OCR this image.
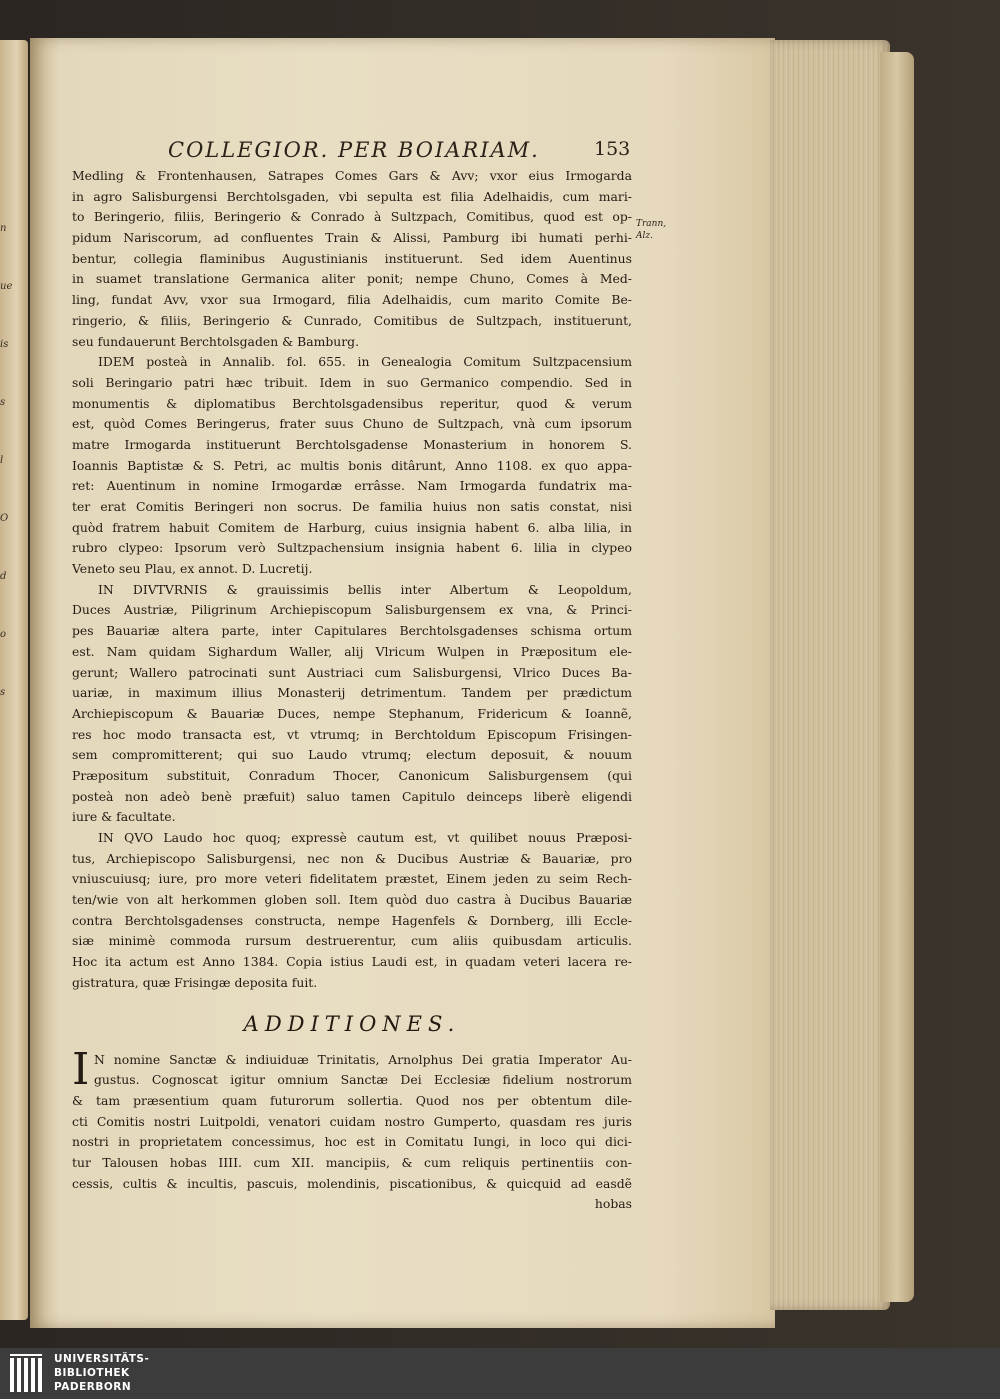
n
ue
is
s
l
O
d
o
s
COLLEGIOR. PER BOIARIAM.	153
Trann,
Alz.
I
Medling & Frontenhausen, Satrapes Comes Gars & Avv; vxor eius Irmogarda
in agro Salisburgensi Berchtolsgaden, vbi sepulta est filia Adelhaidis, cum mari-
to Beringerio, filiis, Beringerio & Conrado à Sultzpach, Comitibus, quod est op-
pidum Nariscorum, ad confluentes Train & Alissi, Pamburg ibi humati perhi-
bentur, collegia flaminibus Augustinianis instituerunt. Sed idem Auentinus
in suamet translatione Germanica aliter ponit; nempe Chuno, Comes à Med-
ling, fundat Avv, vxor sua Irmogard, filia Adelhaidis, cum marito Comite Be-
ringerio, & filiis, Beringerio & Cunrado, Comitibus de Sultzpach, instituerunt,
seu fundauerunt Berchtolsgaden & Bamburg.
IDEM posteà in Annalib. fol. 655. in Genealogia Comitum Sultzpacensium
soli Beringario patri hæc tribuit. Idem in suo Germanico compendio. Sed in
monumentis & diplomatibus Berchtolsgadensibus reperitur, quod & verum
est, quòd Comes Beringerus, frater suus Chuno de Sultzpach, vnà cum ipsorum
matre Irmogarda instituerunt Berchtolsgadense Monasterium in honorem S.
Ioannis Baptistæ & S. Petri, ac multis bonis ditârunt, Anno 1108. ex quo appa-
ret: Auentinum in nomine Irmogardæ errâsse. Nam Irmogarda fundatrix ma-
ter erat Comitis Beringeri non socrus. De familia huius non satis constat, nisi
quòd fratrem habuit Comitem de Harburg, cuius insignia habent 6. alba lilia, in
rubro clypeo: Ipsorum verò Sultzpachensium insignia habent 6. lilia in clypeo
Veneto seu Plau, ex annot. D. Lucretij.
IN DIVTVRNIS & grauissimis bellis inter Albertum & Leopoldum,
Duces Austriæ, Piligrinum Archiepiscopum Salisburgensem ex vna, & Princi-
pes Bauariæ altera parte, inter Capitulares Berchtolsgadenses schisma ortum
est. Nam quidam Sighardum Waller, alij Vlricum Wulpen in Præpositum ele-
gerunt; Wallero patrocinati sunt Austriaci cum Salisburgensi, Vlrico Duces Ba-
uariæ, in maximum illius Monasterij detrimentum. Tandem per prædictum
Archiepiscopum & Bauariæ Duces, nempe Stephanum, Fridericum & Ioannẽ,
res hoc modo transacta est, vt vtrumq; in Berchtoldum Episcopum Frisingen-
sem compromitterent; qui suo Laudo vtrumq; electum deposuit, & nouum
Præpositum substituit, Conradum Thocer, Canonicum Salisburgensem (qui
posteà non adeò benè præfuit) saluo tamen Capitulo deinceps liberè eligendi
iure & facultate.
IN QVO Laudo hoc quoq; expressè cautum est, vt quilibet nouus Præposi-
tus, Archiepiscopo Salisburgensi, nec non & Ducibus Austriæ & Bauariæ, pro
vniuscuiusq; iure, pro more veteri fidelitatem præstet, Einem jeden zu seim Rech-
ten/wie von alt herkommen globen soll. Item quòd duo castra à Ducibus Bauariæ
contra Berchtolsgadenses constructa, nempe Hagenfels & Dornberg, illi Eccle-
siæ minimè commoda rursum destruerentur, cum aliis quibusdam articulis.
Hoc ita actum est Anno 1384. Copia istius Laudi est, in quadam veteri lacera re-
gistratura, quæ Frisingæ deposita fuit.
ADDITIONES.
N nomine Sanctæ & indiuiduæ Trinitatis, Arnolphus Dei gratia Imperator Au-
gustus. Cognoscat igitur omnium Sanctæ Dei Ecclesiæ fidelium nostrorum
& tam præsentium quam futurorum sollertia. Quod nos per obtentum dile-
cti Comitis nostri Luitpoldi, venatori cuidam nostro Gumperto, quasdam res juris
nostri in proprietatem concessimus, hoc est in Comitatu Iungi, in loco qui dici-
tur Talousen hobas IIII. cum XII. mancipiis, & cum reliquis pertinentiis con-
cessis, cultis & incultis, pascuis, molendinis, piscationibus, & quicquid ad easdẽ
hobas
UNIVERSITÄTS-
BIBLIOTHEK
PADERBORN
